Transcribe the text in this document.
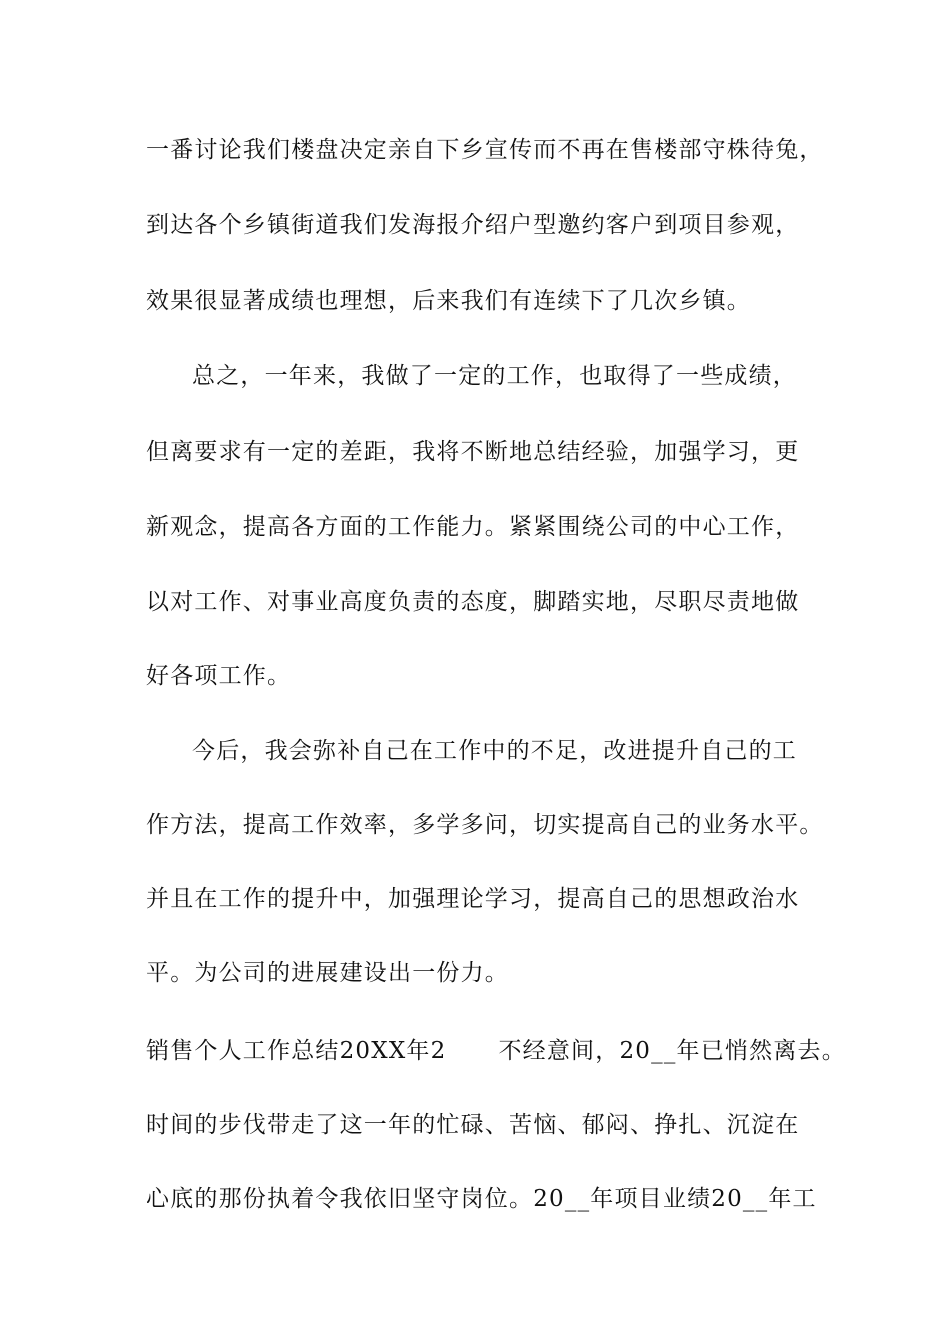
一番讨论我们楼盘决定亲自下乡宣传而不再在售楼部守株待兔，
到达各个乡镇街道我们发海报介绍户型邀约客户到项目参观，
效果很显著成绩也理想，后来我们有连续下了几次乡镇。
总之，一年来，我做了一定的工作，也取得了一些成绩，
但离要求有一定的差距，我将不断地总结经验，加强学习，更
新观念，提高各方面的工作能力。紧紧围绕公司的中心工作，
以对工作、对事业高度负责的态度，脚踏实地，尽职尽责地做
好各项工作。
今后，我会弥补自己在工作中的不足，改进提升自己的工
作方法，提高工作效率，多学多问，切实提高自己的业务水平。
并且在工作的提升中，加强理论学习，提高自己的思想政治水
平。为公司的进展建设出一份力。
销售个人工作总结20XX年2 不经意间，20__年已悄然离去。
时间的步伐带走了这一年的忙碌、苦恼、郁闷、挣扎、沉淀在
心底的那份执着令我依旧坚守岗位。20__年项目业绩20__年工
